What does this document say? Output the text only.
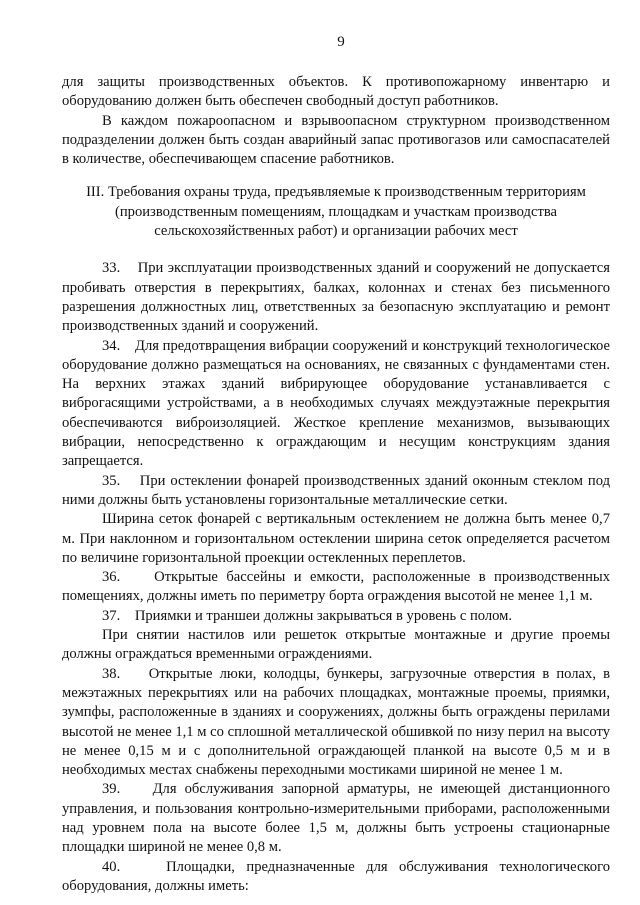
9

для защиты производственных объектов. К противопожарному инвентарю и оборудованию должен быть обеспечен свободный доступ работников.

В каждом пожароопасном и взрывоопасном структурном производственном подразделении должен быть создан аварийный запас противогазов или самоспасателей в количестве, обеспечивающем спасение работников.

III. Требования охраны труда, предъявляемые к производственным территориям
(производственным помещениям, площадкам и участкам производства
сельскохозяйственных работ) и организации рабочих мест

33.    При эксплуатации производственных зданий и сооружений не допускается пробивать отверстия в перекрытиях, балках, колоннах и стенах без письменного разрешения должностных лиц, ответственных за безопасную эксплуатацию и ремонт производственных зданий и сооружений.

34.    Для предотвращения вибрации сооружений и конструкций технологическое оборудование должно размещаться на основаниях, не связанных с фундаментами стен. На верхних этажах зданий вибрирующее оборудование устанавливается с виброгасящими устройствами, а в необходимых случаях междуэтажные перекрытия обеспечиваются виброизоляцией. Жесткое крепление механизмов, вызывающих вибрации, непосредственно к ограждающим и несущим конструкциям здания запрещается.

35.    При остеклении фонарей производственных зданий оконным стеклом под ними должны быть установлены горизонтальные металлические сетки.

Ширина сеток фонарей с вертикальным остеклением не должна быть менее 0,7 м. При наклонном и горизонтальном остеклении ширина сеток определяется расчетом по величине горизонтальной проекции остекленных переплетов.

36.    Открытые бассейны и емкости, расположенные в производственных помещениях, должны иметь по периметру борта ограждения высотой не менее 1,1 м.

37.    Приямки и траншеи должны закрываться в уровень с полом.

При снятии настилов или решеток открытые монтажные и другие проемы должны ограждаться временными ограждениями.

38.    Открытые люки, колодцы, бункеры, загрузочные отверстия в полах, в межэтажных перекрытиях или на рабочих площадках, монтажные проемы, приямки, зумпфы, расположенные в зданиях и сооружениях, должны быть ограждены перилами высотой не менее 1,1 м со сплошной металлической обшивкой по низу перил на высоту не менее 0,15 м и с дополнительной ограждающей планкой на высоте 0,5 м и в необходимых местах снабжены переходными мостиками шириной не менее 1 м.

39.    Для обслуживания запорной арматуры, не имеющей дистанционного управления, и пользования контрольно-измерительными приборами, расположенными над уровнем пола на высоте более 1,5 м, должны быть устроены стационарные площадки шириной не менее 0,8 м.

40.    Площадки, предназначенные для обслуживания технологического оборудования, должны иметь:
